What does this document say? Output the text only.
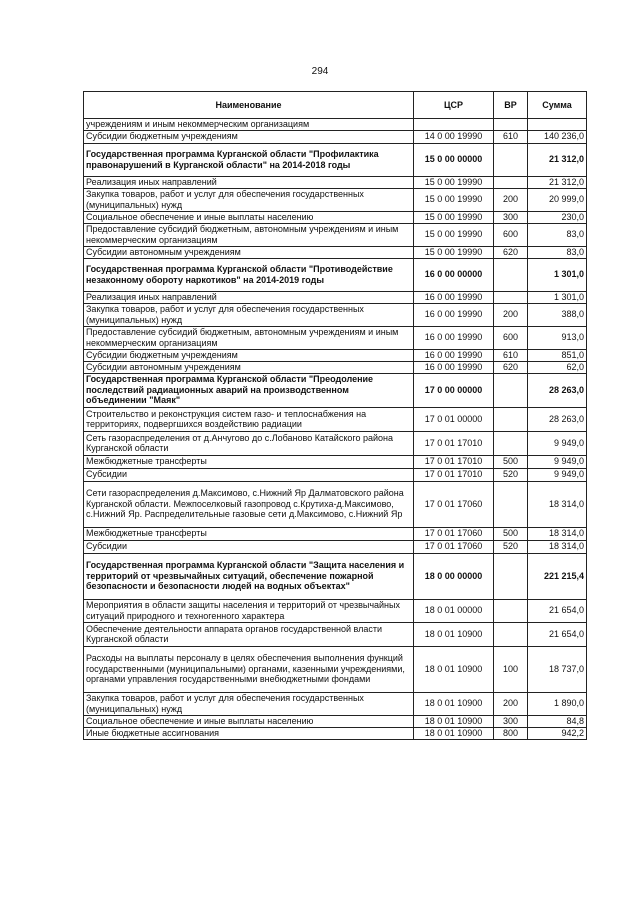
294
Наименование	ЦСР	ВР	Сумма
учреждениям и иным некоммерческим организациям			
Субсидии бюджетным учреждениям	14 0 00 19990	610	140 236,0
Государственная программа Курганской области "Профилактика правонарушений в Курганской области" на 2014-2018 годы	15 0 00 00000		21 312,0
Реализация иных направлений	15 0 00 19990		21 312,0
Закупка товаров, работ и услуг для обеспечения государственных (муниципальных) нужд	15 0 00 19990	200	20 999,0
Социальное обеспечение и иные выплаты населению	15 0 00 19990	300	230,0
Предоставление субсидий бюджетным, автономным учреждениям и иным некоммерческим организациям	15 0 00 19990	600	83,0
Субсидии автономным учреждениям	15 0 00 19990	620	83,0
Государственная программа Курганской области "Противодействие незаконному обороту наркотиков" на 2014-2019 годы	16 0 00 00000		1 301,0
Реализация иных направлений	16 0 00 19990		1 301,0
Закупка товаров, работ и услуг для обеспечения государственных (муниципальных) нужд	16 0 00 19990	200	388,0
Предоставление субсидий бюджетным, автономным учреждениям и иным некоммерческим организациям	16 0 00 19990	600	913,0
Субсидии бюджетным учреждениям	16 0 00 19990	610	851,0
Субсидии автономным учреждениям	16 0 00 19990	620	62,0
Государственная программа Курганской области "Преодоление последствий радиационных аварий на производственном объединении "Маяк"	17 0 00 00000		28 263,0
Строительство и реконструкция систем газо- и теплоснабжения на территориях, подвергшихся воздействию радиации	17 0 01 00000		28 263,0
Сеть газораспределения от д.Анчугово до с.Лобаново Катайского района Курганской области	17 0 01 17010		9 949,0
Межбюджетные трансферты	17 0 01 17010	500	9 949,0
Субсидии	17 0 01 17010	520	9 949,0
Сети газораспределения д.Максимово, с.Нижний Яр Далматовского района Курганской области. Межпоселковый газопровод с.Крутиха-д.Максимово, с.Нижний Яр. Распределительные газовые сети д.Максимово, с.Нижний Яр	17 0 01 17060		18 314,0
Межбюджетные трансферты	17 0 01 17060	500	18 314,0
Субсидии	17 0 01 17060	520	18 314,0
Государственная программа Курганской области "Защита населения и территорий от чрезвычайных ситуаций, обеспечение пожарной безопасности и безопасности людей на водных объектах"	18 0 00 00000		221 215,4
Мероприятия в области защиты населения и территорий от чрезвычайных ситуаций природного и техногенного характера	18 0 01 00000		21 654,0
Обеспечение деятельности аппарата органов государственной власти Курганской области	18 0 01 10900		21 654,0
Расходы на выплаты персоналу в целях обеспечения выполнения функций государственными (муниципальными) органами, казенными учреждениями, органами управления государственными внебюджетными фондами	18 0 01 10900	100	18 737,0
Закупка товаров, работ и услуг для обеспечения государственных (муниципальных) нужд	18 0 01 10900	200	1 890,0
Социальное обеспечение и иные выплаты населению	18 0 01 10900	300	84,8
Иные бюджетные ассигнования	18 0 01 10900	800	942,2
